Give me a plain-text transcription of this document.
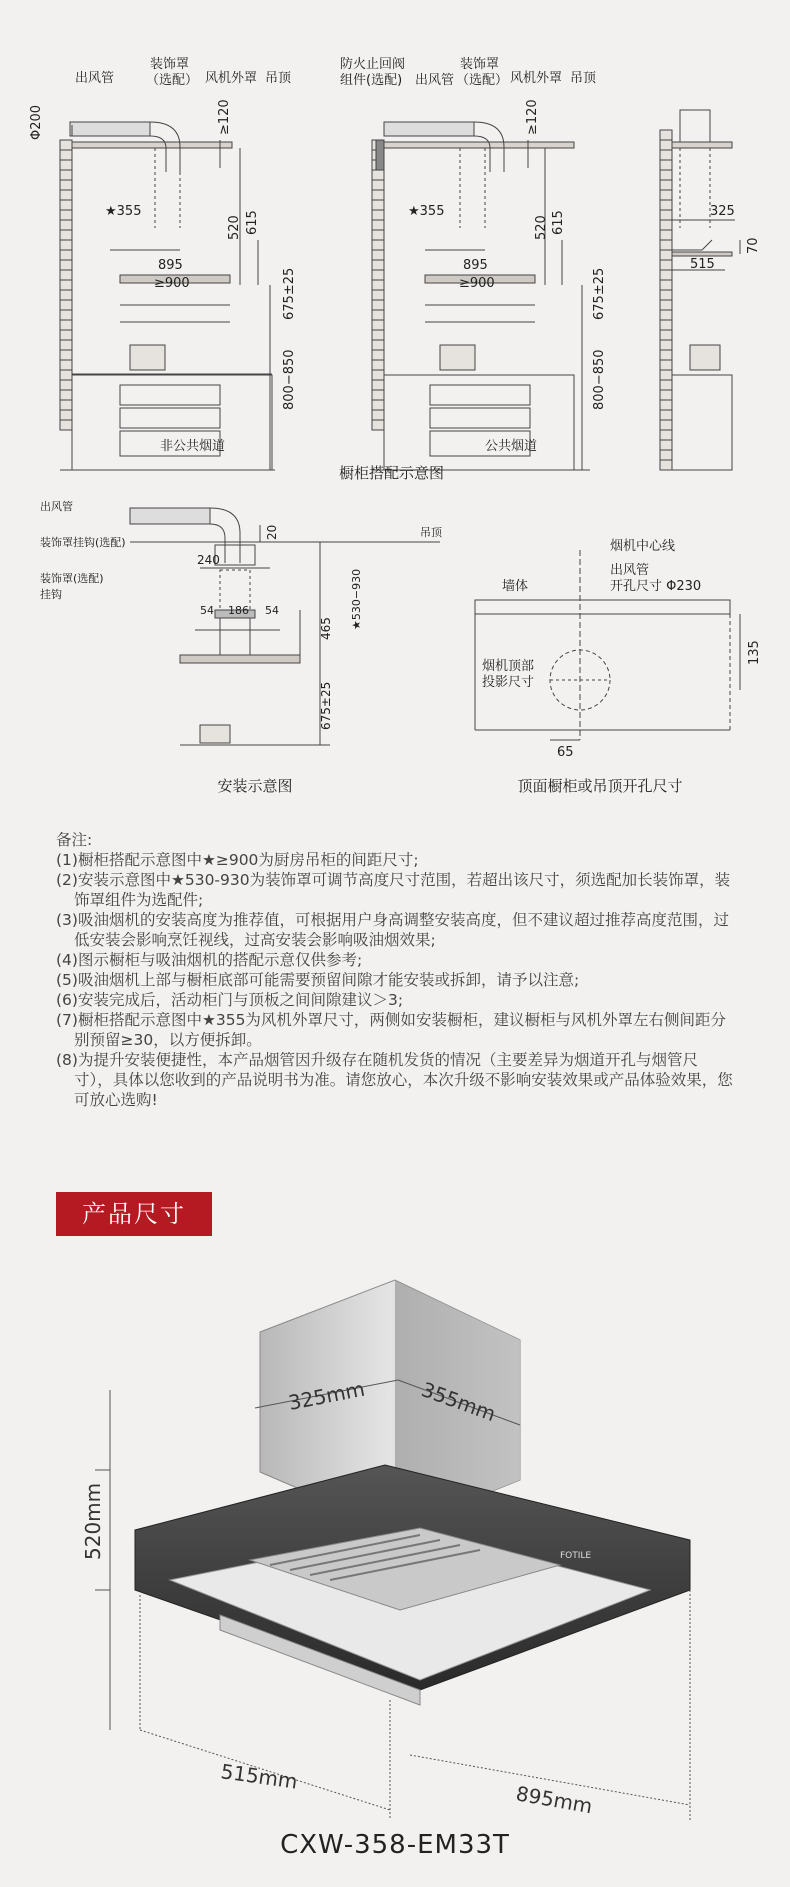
出风管
装饰罩
（选配） 风机外罩 吊顶
Φ200	≥120
★355
520 615
895
≥900	675±25
800−850
防火止回阀
组件(选配) 出风管
装饰罩
（选配） 风机外罩 吊顶
≥120
★355
520 615
895
≥900	675±25
800−850
325
515
70
非公共烟道	公共烟道
橱柜搭配示意图
出风管
装饰罩挂钩(选配)
吊顶
装饰罩(选配)
挂钩
20
240
54 186 54
465 ★530−930
675±25
安装示意图
烟机中心线
出风管
开孔尺寸 Φ230
墙体
烟机顶部
投影尺寸
135
65
顶面橱柜或吊顶开孔尺寸

备注:

(1)橱柜搭配示意图中★≥900为厨房吊柜的间距尺寸;

(2)安装示意图中★530-930为装饰罩可调节高度尺寸范围，若超出该尺寸，须选配加长装饰罩，装饰罩组件为选配件;

(3)吸油烟机的安装高度为推荐值，可根据用户身高调整安装高度，但不建议超过推荐高度范围，过低安装会影响烹饪视线，过高安装会影响吸油烟效果;

(4)图示橱柜与吸油烟机的搭配示意仅供参考;

(5)吸油烟机上部与橱柜底部可能需要预留间隙才能安装或拆卸，请予以注意;

(6)安装完成后，活动柜门与顶板之间间隙建议＞3;

(7)橱柜搭配示意图中★355为风机外罩尺寸，两侧如安装橱柜，建议橱柜与风机外罩左右侧间距分别预留≥30，以方便拆卸。

(8)为提升安装便捷性，本产品烟管因升级存在随机发货的情况（主要差异为烟道开孔与烟管尺寸），具体以您收到的产品说明书为准。请您放心，本次升级不影响安装效果或产品体验效果，您可放心选购!

产品尺寸
FOTILE
325mm	355mm
520mm
515mm
895mm
CXW-358-EM33T
